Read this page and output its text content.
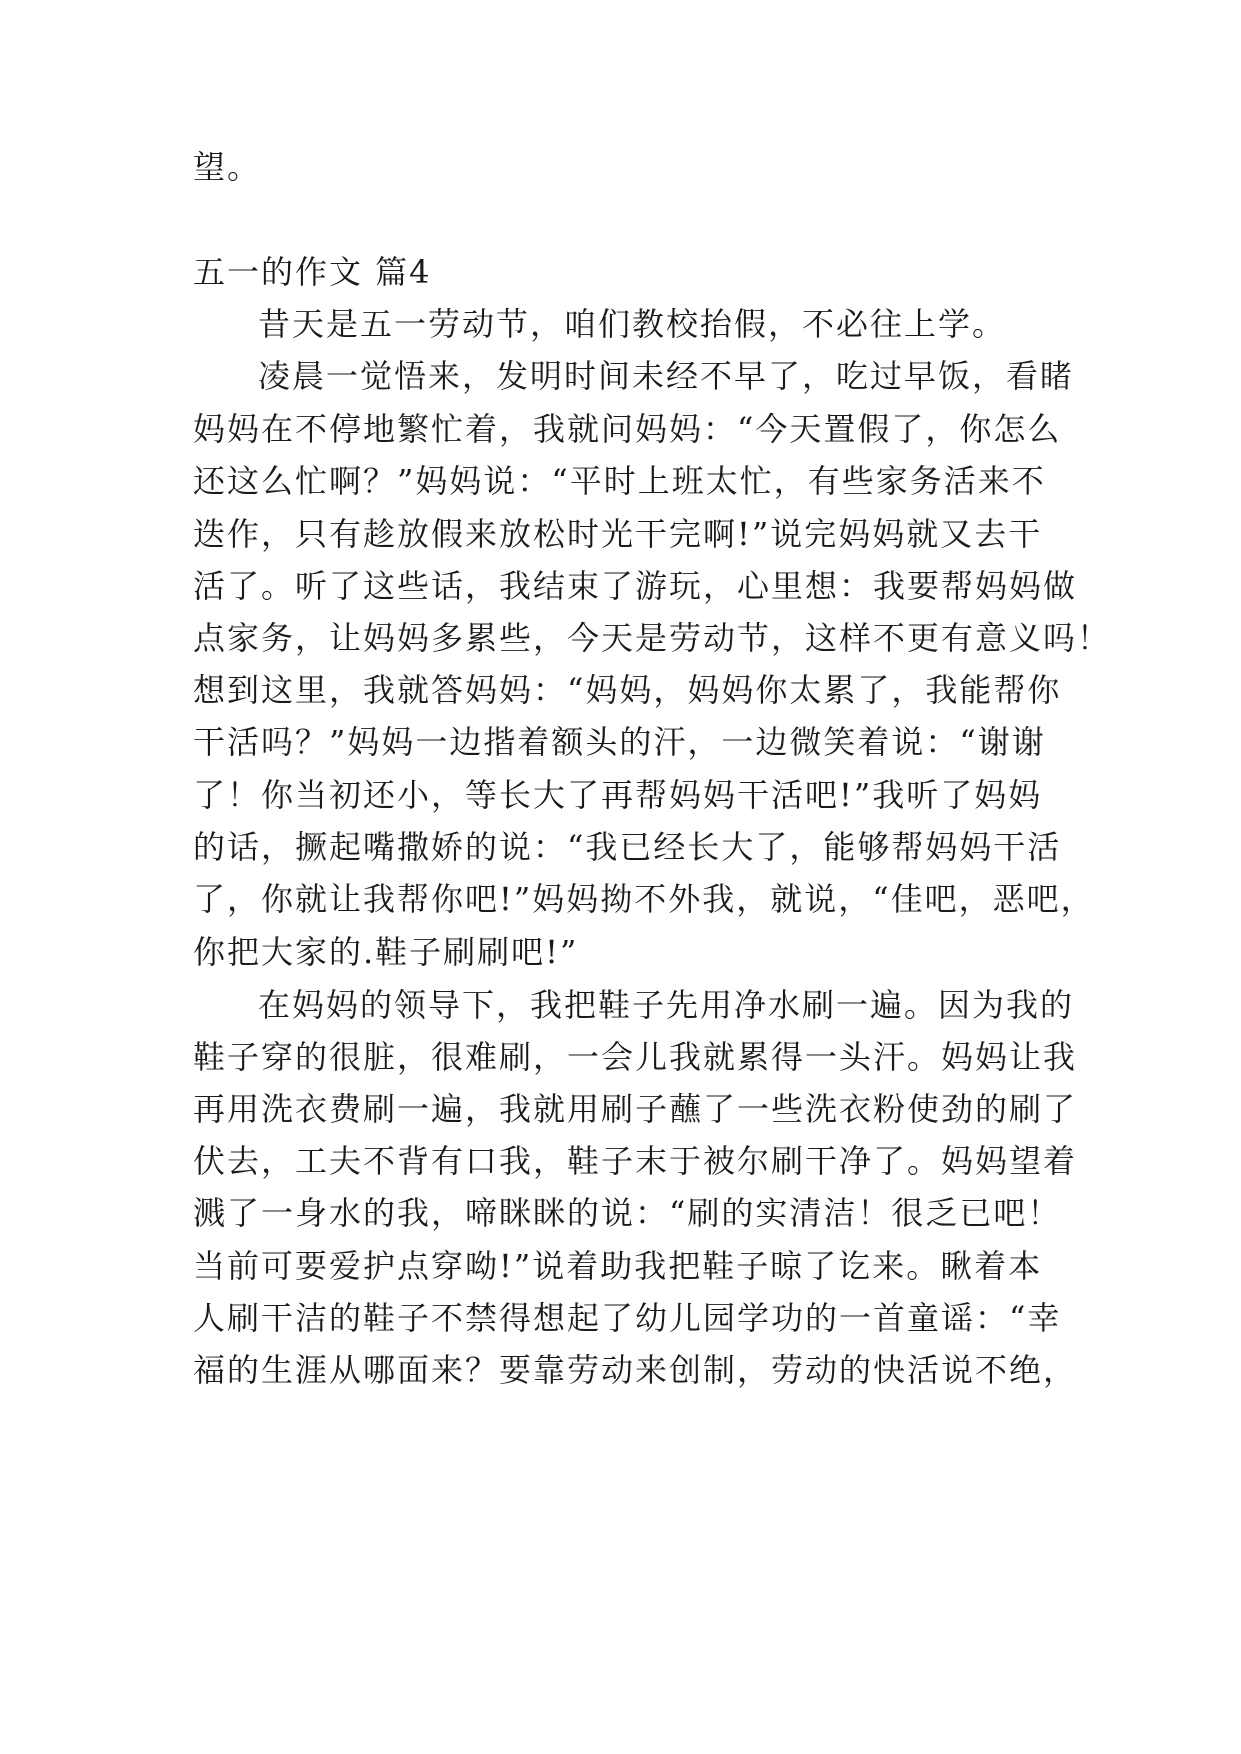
望。
五一的作文 篇4
昔天是五一劳动节，咱们教校抬假，不必往上学。
凌晨一觉悟来，发明时间未经不早了，吃过早饭，看睹
妈妈在不停地繁忙着，我就问妈妈：“今天置假了，你怎么
还这么忙啊？”妈妈说：“平时上班太忙，有些家务活来不
迭作，只有趁放假来放松时光干完啊!”说完妈妈就又去干
活了。听了这些话，我结束了游玩，心里想：我要帮妈妈做
点家务，让妈妈多累些，今天是劳动节，这样不更有意义吗！
想到这里，我就答妈妈：“妈妈，妈妈你太累了，我能帮你
干活吗？”妈妈一边揩着额头的汗，一边微笑着说：“谢谢
了！你当初还小，等长大了再帮妈妈干活吧!”我听了妈妈
的话，撅起嘴撒娇的说：“我已经长大了，能够帮妈妈干活
了，你就让我帮你吧!”妈妈拗不外我，就说，“佳吧，恶吧，
你把大家的.鞋子刷刷吧!”
在妈妈的领导下，我把鞋子先用净水刷一遍。因为我的
鞋子穿的很脏，很难刷，一会儿我就累得一头汗。妈妈让我
再用洗衣费刷一遍，我就用刷子蘸了一些洗衣粉使劲的刷了
伏去，工夫不背有口我，鞋子末于被尔刷干净了。妈妈望着
溅了一身水的我，啼眯眯的说：“刷的实清洁！很乏已吧！
当前可要爱护点穿呦!”说着助我把鞋子晾了讫来。瞅着本
人刷干洁的鞋子不禁得想起了幼儿园学功的一首童谣：“幸
福的生涯从哪面来？要靠劳动来创制，劳动的快活说不绝，
